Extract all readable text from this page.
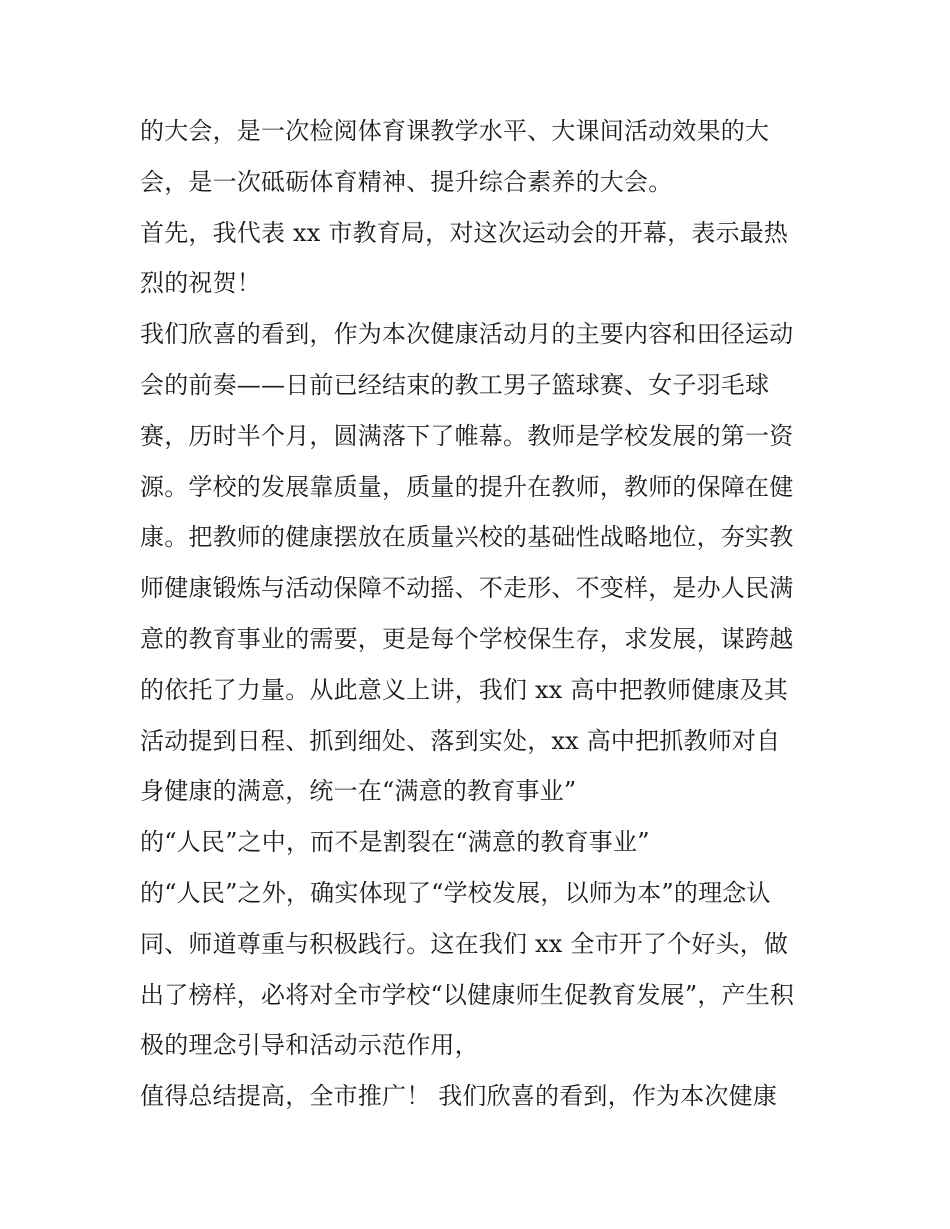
的大会，是一次检阅体育课教学水平、大课间活动效果的大
会，是一次砥砺体育精神、提升综合素养的大会。
首先，我代表 xx 市教育局，对这次运动会的开幕，表示最热
烈的祝贺！
我们欣喜的看到，作为本次健康活动月的主要内容和田径运动
会的前奏——日前已经结束的教工男子篮球赛、女子羽毛球
赛，历时半个月，圆满落下了帷幕。教师是学校发展的第一资
源。学校的发展靠质量，质量的提升在教师，教师的保障在健
康。把教师的健康摆放在质量兴校的基础性战略地位，夯实教
师健康锻炼与活动保障不动摇、不走形、不变样，是办人民满
意的教育事业的需要，更是每个学校保生存，求发展，谋跨越
的依托了力量。从此意义上讲，我们 xx 高中把教师健康及其
活动提到日程、抓到细处、落到实处，xx 高中把抓教师对自
身健康的满意，统一在“满意的教育事业”
的“人民”之中，而不是割裂在“满意的教育事业”
的“人民”之外，确实体现了“学校发展，以师为本”的理念认
同、师道尊重与积极践行。这在我们 xx 全市开了个好头，做
出了榜样，必将对全市学校“以健康师生促教育发展”，产生积
极的理念引导和活动示范作用，
值得总结提高，全市推广！ 我们欣喜的看到，作为本次健康
